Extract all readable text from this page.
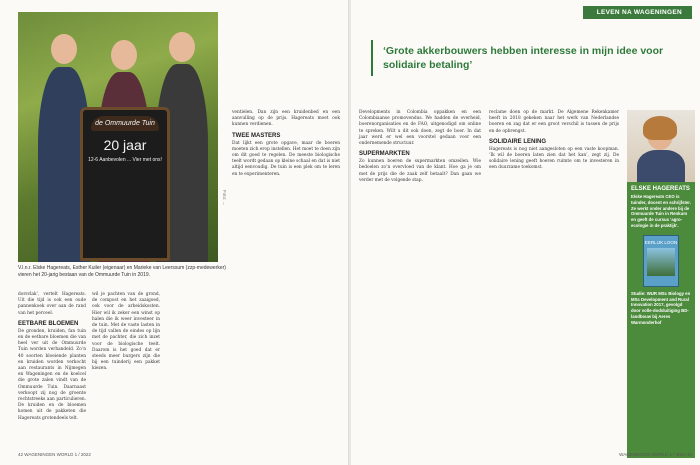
de Ommuurde Tuin
20 jaar
12-6 Aanbevolen ... Vier met ons!
Foto: ...
V.l.n.r. Elske Hagereats, Esther Kuiler (eigenaar) en Marieke van Leerssum (zzp-medewerker) vieren het 20-jarig bestaan van de Ommuurde Tuin in 2019.

dorsvlak’, vertelt Hagereats. Uit die tijd is ook een oude pannenkoek over aan de rand van het perceel.

EETBARE BLOEMEN

De gronden, kruiden, fan tuin en de eetbare bloemen die van heel ver uit de Ommuurde Tuin worden verhandeld. Zo’n 40 soorten bloeiende planten en kruiden worden verkocht aan restaurants in Nijmegen en Wageningen en de koelcel die grote zalen vindt van de Ommuurde Tuin. Daarnaast verkoopt zij nog de groente rechtstreeks aan particulieren. De kruiden en de bloemen komen uit de pakketen die Hagereats grotendeels telt.

wil je pachten van de grond, de compost en het zaaigoed, ook voor de arbeidskosten. Hier wil ik zeker een winst op halen die ik weer investeer in de tuin. Met de vaste lasten in de tijd vallen de eindes op lijn met de pachter, die zich inzet voor de biologische teelt. Daarom is het goed dat er steeds meer burgers zijn die bij een tuinderij een pakket kiezen.

ventielen. Dan zijn een kruidenbed en een aanvulling op de prijs. Hagereats moet ook kunnen verdienen.

TWEE MASTERS

Dat lijkt een grote opgave, maar de boeren moeten zich erop instellen. Het moet te doen zijn om dit goed te regelen. De meeste biologische teelt wordt gedaan op kleine schaal en dat is niet altijd eenvoudig. De tuin is een plek om te leren en te experimenteren.

42 WAGENINGEN WORLD 1 / 2022
LEVEN NA WAGENINGEN
‘Grote akkerbouwers hebben interesse in mijn idee voor solidaire betaling’

Developments in Colombia oppakken en een Colombiaanse promovendus. We hadden de overheid, boerenorganisaties en de FAO, uitgenodigd om online te spreken. Wilt u dit ook doen, zegt de boer. In dat jaar werd er wel een voorstel gedaan voor een ondernemende structuur.

SUPERMARKTEN

Zo kunnen boeren de supermarkten omzeilen. Wie bedoelen zo’n overvloed van de klant. Hoe ga je om met de prijs die de zaak zelf betaalt? Dan gaan we verder met de volgende stap.

reclame doen op de markt. De Algemene Rekenkamer heeft in 2018 gekeken naar het werk van Nederlandse boeren en zag dat er een groot verschil is tussen de prijs en de opbrengst.

SOLIDAIRE LENING

Hagereats is nog niet aangesloten op een vaste koopman. ‘Ik wil de boeren laten zien dat het kan’, zegt zij. De solidaire lening geeft boeren ruimte om te investeren in een duurzame toekomst.

ELSKE HAGEREATS
Elske Hagereats CEO is tuinder, docent en schrijfster. Ze werkt onder andere bij de Ommuurde Tuin in Renkum en geeft de cursus ‘agro-ecologie in de praktijk’.
EERLIJK LOON
Studie: WUR MSc Biology en MSc Development and Rural Innovation 2017, gevolgd door volle-dodsluitiging BD-landbouw bij Aeres Warmonderhof
WAGENINGEN WORLD 1 / 2022 43
